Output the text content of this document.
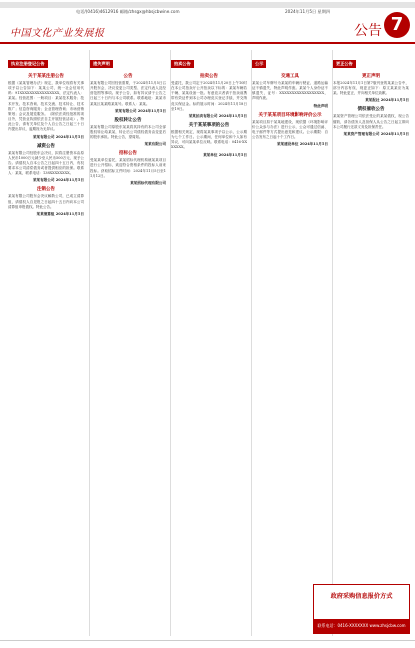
中国文化产业发展报
电话/(0416)4612916 邮箱/zhsgx@hbsjcbwine.com	2024年11月5日 星期四
公告 7
执业注册登记公告
关于某某注册公告
根据《某某管理办法》规定，我单位现将有关事项予以公告如下：某某公司，统一社会信用代码：91XXXXXXXXXXXXXXXX，法定代表人：某某。经营范围：一般项目：某某技术服务；技术开发、技术咨询、技术交流、技术转让、技术推广；信息咨询服务；企业管理咨询；市场营销策划；会议及展览服务。（除依法须经批准的项目外，凭营业执照依法自主开展经营活动）。特此公告，请有关单位及个人自公告之日起三十日内提出异议，逾期视为无异议。
某某有限公司 2024年11月5日
减资公告
某某有限公司经股东会决议，拟将注册资本由原人民币1000万元减少至人民币500万元，现予公告。请债权人自本公告之日起四十五日内，有权要求本公司清偿债务或者提供相应的担保。联系人：某某，联系电话：138XXXXXXXX。
某某有限公司 2024年11月5日
注销公告
某某有限公司股东会决议解散公司，已成立清算组，请债权人自见报之日起四十五日内向本公司清算组申报债权。特此公告。
某某清算组 2024年11月5日
遗失声明
公告
某某有限公司因经营需要，于2024年11月5日召开股东会，决议变更公司类型、法定代表人及经营范围等事项。现予公告，如有异议请于公告之日起三十日内与本公司联系。联系地址：某某市某某区某某路某某号。联系人：某某。
某某有限公司 2024年11月5日
股权转让公告
某某有限公司原股东某某将其持有的本公司全部股权转让给某某，转让后公司债权债务由变更后的股东承担。特此公告，望周知。
某某有限公司
招标公告
受某某单位委托，某某招标代理机构就某某项目进行公开招标，欢迎符合资格条件的投标人前来投标。获取招标文件时间：2024年11月5日至11月12日。
某某招标代理有限公司
拍卖公告
拍卖公告
受委托，我公司定于2024年11月20日上午10时在本公司拍卖厅公开拍卖以下标的：某某车辆若干辆、某某设备一批。有意竞买者请于拍卖前携带有效证件到本公司办理竞买登记手续，并交纳竞买保证金。标的展示时间：2024年11月18日至19日。
某某拍卖有限公司 2024年11月5日
关于某某事项的公告
根据相关规定，现将某某事项予以公示，公示期为七个工作日。公示期间，任何单位和个人如有异议，可向某某单位反映。联系电话：0416-XXXXXXX。
某某单位 2024年11月5日
公示
交通工具
某某公司车牌号为某某的车辆行驶证、道路运输证不慎遗失，特此声明作废。某某个人身份证不慎遗失，证号：XXXXXXXXXXXXXXXXXX，声明作废。
特此声明
关于某某项目环境影响评价公示
某某项目拟于某某地建设，现依据《环境影响评价公众参与办法》进行公示，公众可通过信函、电子邮件等方式提出意见和建议。公示期限：自公告发布之日起十个工作日。
某某建设单位 2024年11月5日
更正公告
更正声明
本报2024年11月1日第7版刊登的某某公告中，部分内容有误，现更正如下：原文某某应为某某。特此更正，并向相关单位致歉。
某某报社 2024年11月5日
债权催收公告
某某资产管理公司依法受让的某某债权，现公告催收，请各债务人及担保人从公告之日起立即向本公司履行还款义务及担保责任。
某某资产管理有限公司 2024年11月5日
政府采购信息报价方式
联系电话：0416-XXXXXXX www.zhsjcbw.com
